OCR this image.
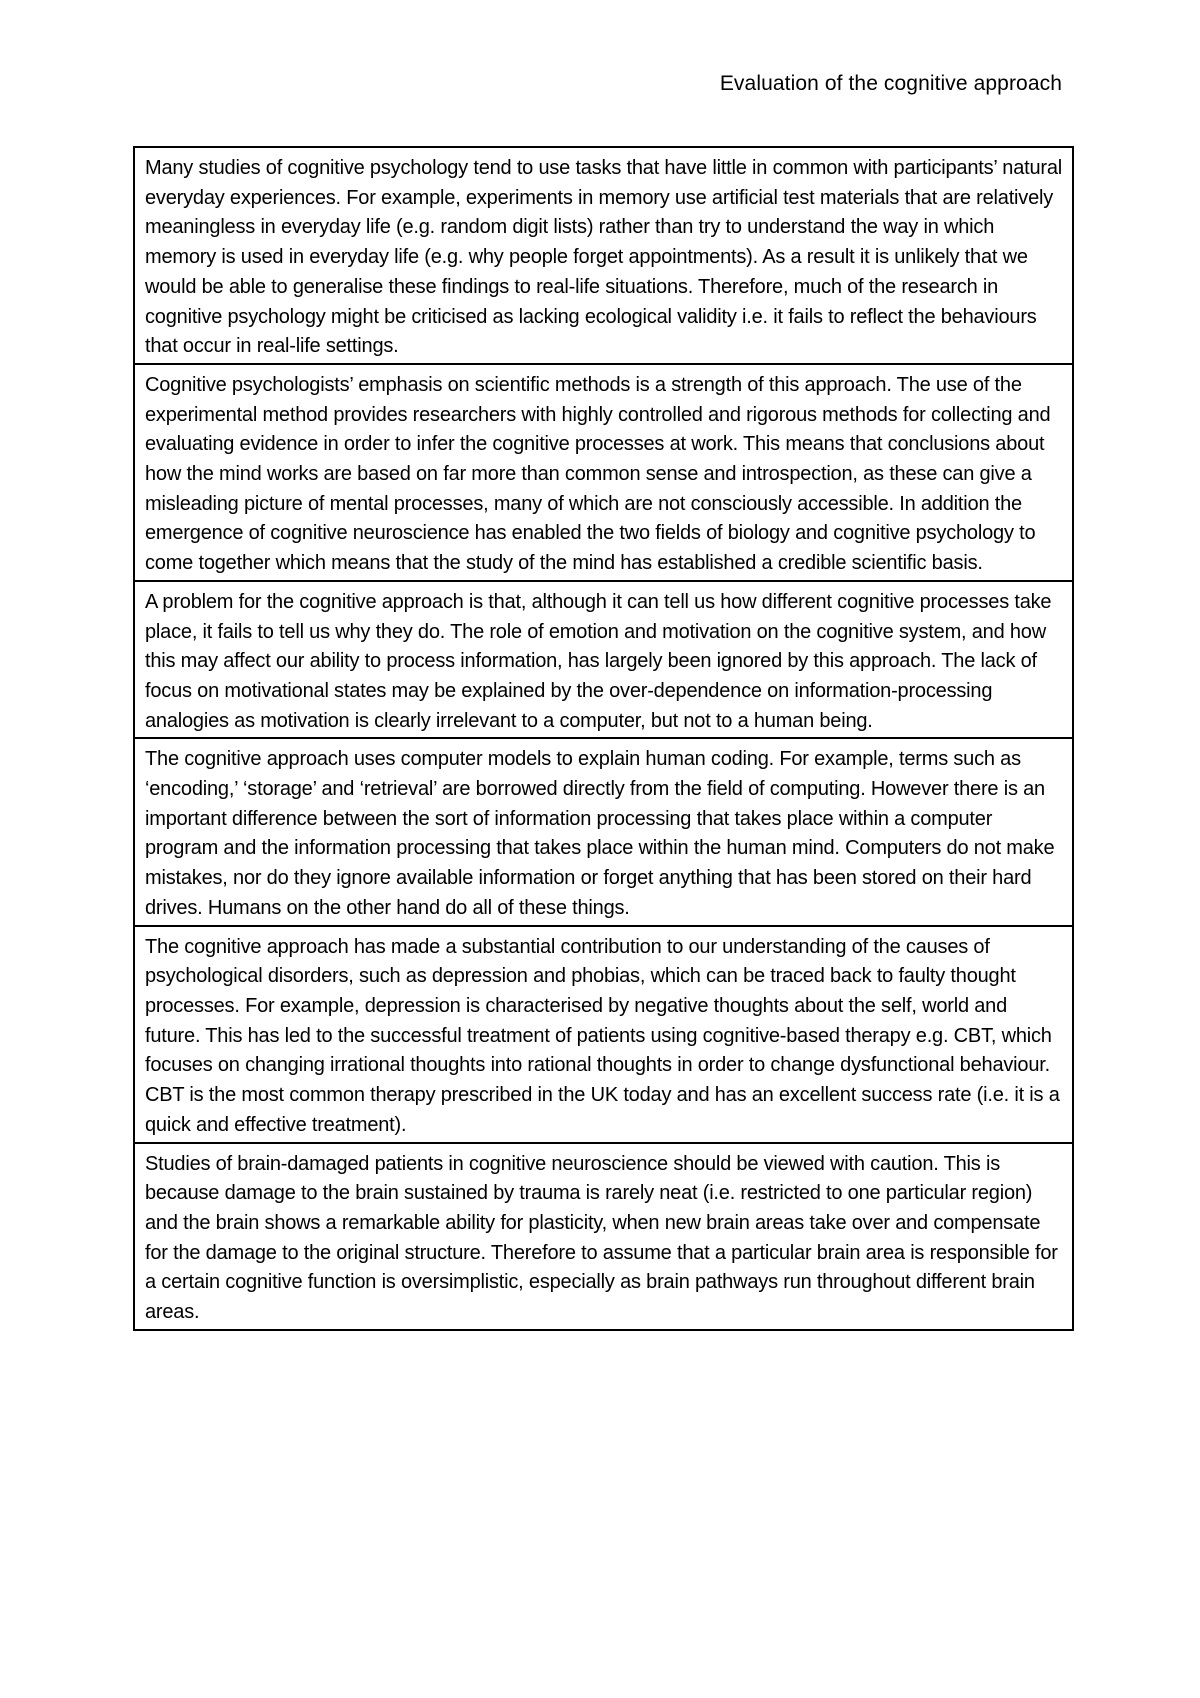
Evaluation of the cognitive approach
Many studies of cognitive psychology tend to use tasks that have little in common with participants’ natural everyday experiences. For example, experiments in memory use artificial test materials that are relatively meaningless in everyday life (e.g. random digit lists) rather than try to understand the way in which memory is used in everyday life (e.g. why people forget appointments). As a result it is unlikely that we would be able to generalise these findings to real-life situations. Therefore, much of the research in cognitive psychology might be criticised as lacking ecological validity i.e. it fails to reflect the behaviours that occur in real-life settings.
Cognitive psychologists’ emphasis on scientific methods is a strength of this approach. The use of the experimental method provides researchers with highly controlled and rigorous methods for collecting and evaluating evidence in order to infer the cognitive processes at work. This means that conclusions about how the mind works are based on far more than common sense and introspection, as these can give a misleading picture of mental processes, many of which are not consciously accessible. In addition the emergence of cognitive neuroscience has enabled the two fields of biology and cognitive psychology to come together which means that the study of the mind has established a credible scientific basis.
A problem for the cognitive approach is that, although it can tell us how different cognitive processes take place, it fails to tell us why they do. The role of emotion and motivation on the cognitive system, and how this may affect our ability to process information, has largely been ignored by this approach. The lack of focus on motivational states may be explained by the over-dependence on information-processing analogies as motivation is clearly irrelevant to a computer, but not to a human being.
The cognitive approach uses computer models to explain human coding. For example, terms such as ‘encoding,’ ‘storage’ and ‘retrieval’ are borrowed directly from the field of computing. However there is an important difference between the sort of information processing that takes place within a computer program and the information processing that takes place within the human mind. Computers do not make mistakes, nor do they ignore available information or forget anything that has been stored on their hard drives. Humans on the other hand do all of these things.
The cognitive approach has made a substantial contribution to our understanding of the causes of psychological disorders, such as depression and phobias, which can be traced back to faulty thought processes. For example, depression is characterised by negative thoughts about the self, world and future. This has led to the successful treatment of patients using cognitive-based therapy e.g. CBT, which focuses on changing irrational thoughts into rational thoughts in order to change dysfunctional behaviour. CBT is the most common therapy prescribed in the UK today and has an excellent success rate (i.e. it is a quick and effective treatment).
Studies of brain-damaged patients in cognitive neuroscience should be viewed with caution. This is because damage to the brain sustained by trauma is rarely neat (i.e. restricted to one particular region) and the brain shows a remarkable ability for plasticity, when new brain areas take over and compensate for the damage to the original structure. Therefore to assume that a particular brain area is responsible for a certain cognitive function is oversimplistic, especially as brain pathways run throughout different brain areas.
